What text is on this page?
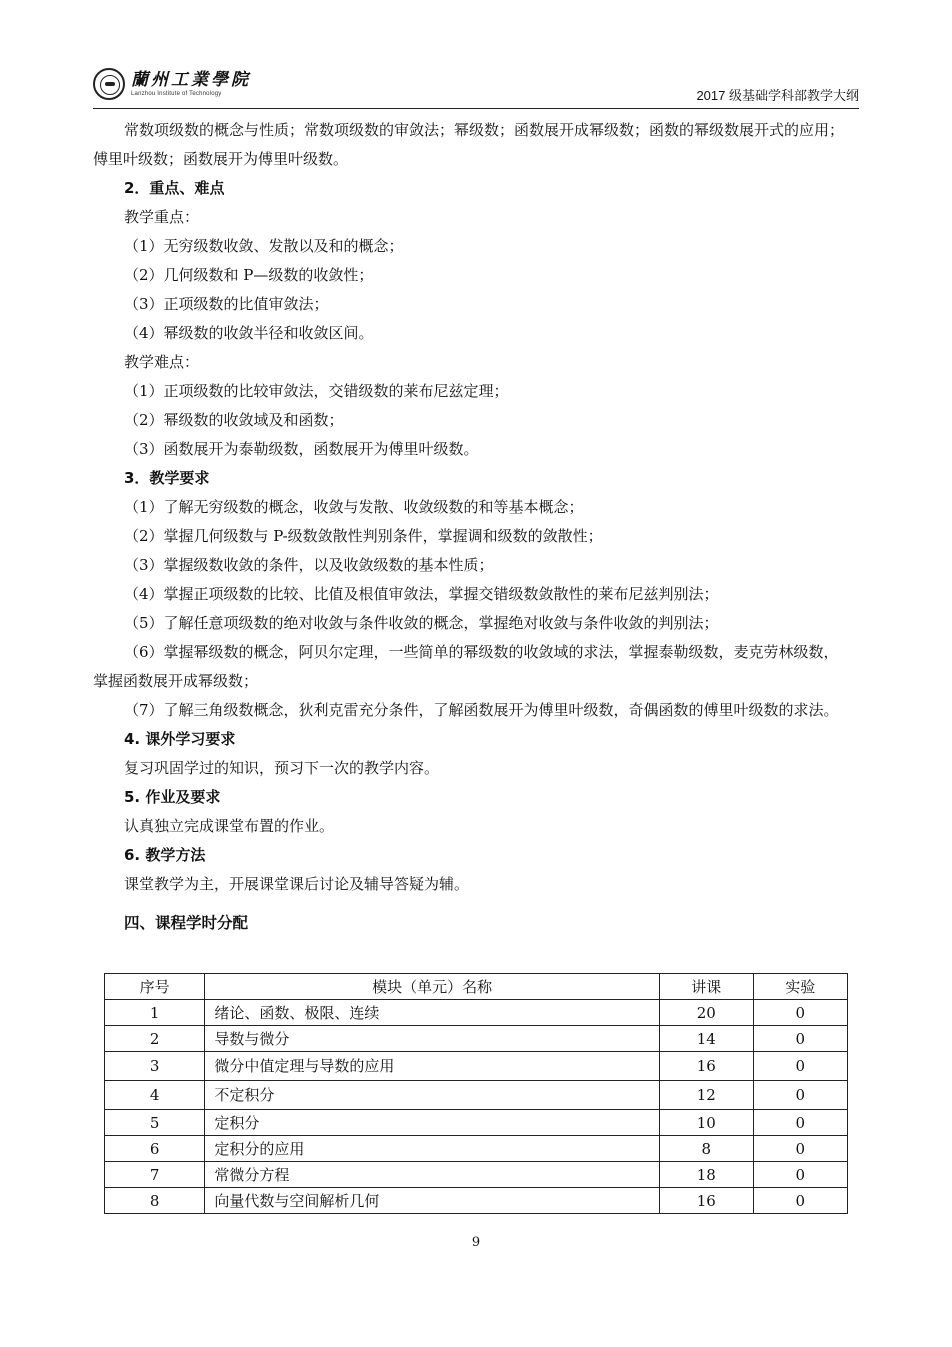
蘭州工業學院
Lanzhou Institute of Technology	2017 级基础学科部教学大纲

常数项级数的概念与性质；常数项级数的审敛法；幂级数；函数展开成幂级数；函数的幂级数展开式的应用；傅里叶级数；函数展开为傅里叶级数。

2．重点、难点

教学重点：

（1）无穷级数收敛、发散以及和的概念；

（2）几何级数和 P—级数的收敛性；

（3）正项级数的比值审敛法；

（4）幂级数的收敛半径和收敛区间。

教学难点：

（1）正项级数的比较审敛法，交错级数的莱布尼兹定理；

（2）幂级数的收敛域及和函数；

（3）函数展开为泰勒级数，函数展开为傅里叶级数。

3．教学要求

（1）了解无穷级数的概念，收敛与发散、收敛级数的和等基本概念；

（2）掌握几何级数与 P-级数敛散性判别条件，掌握调和级数的敛散性；

（3）掌握级数收敛的条件，以及收敛级数的基本性质；

（4）掌握正项级数的比较、比值及根值审敛法，掌握交错级数敛散性的莱布尼兹判别法；

（5）了解任意项级数的绝对收敛与条件收敛的概念，掌握绝对收敛与条件收敛的判别法；

（6）掌握幂级数的概念，阿贝尔定理，一些简单的幂级数的收敛域的求法，掌握泰勒级数，麦克劳林级数，掌握函数展开成幂级数；

（7）了解三角级数概念，狄利克雷充分条件，了解函数展开为傅里叶级数，奇偶函数的傅里叶级数的求法。

4. 课外学习要求

复习巩固学过的知识，预习下一次的教学内容。

5. 作业及要求

认真独立完成课堂布置的作业。

6. 教学方法

课堂教学为主，开展课堂课后讨论及辅导答疑为辅。

四、课程学时分配

序号	模块（单元）名称	讲课	实验
1	绪论、函数、极限、连续	20	0
2	导数与微分	14	0
3	微分中值定理与导数的应用	16	0
4	不定积分	12	0
5	定积分	10	0
6	定积分的应用	8	0
7	常微分方程	18	0
8	向量代数与空间解析几何	16	0
9
